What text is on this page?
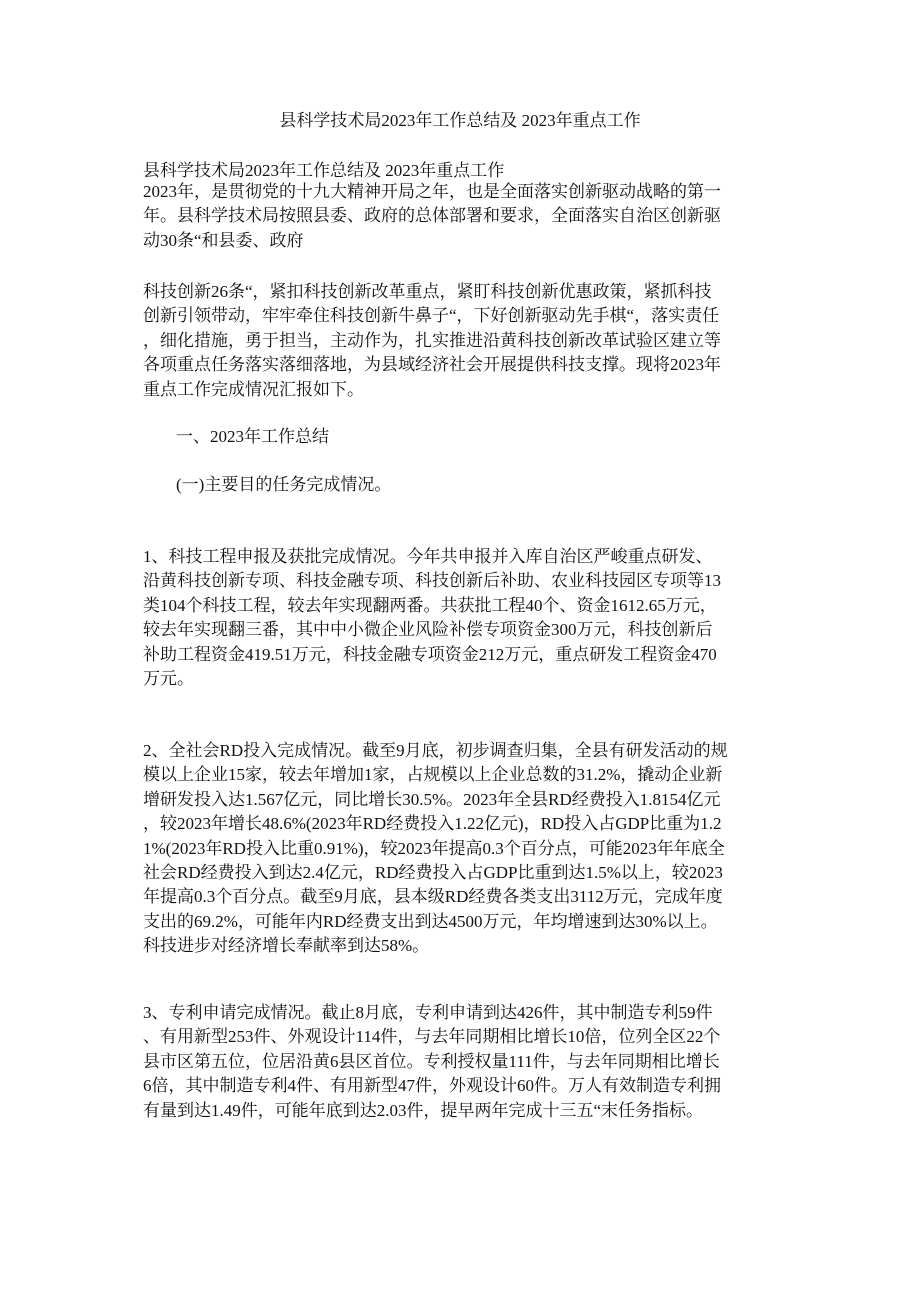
县科学技术局2023年工作总结及 2023年重点工作

县科学技术局2023年工作总结及 2023年重点工作

2023年，是贯彻党的十九大精神开局之年，也是全面落实创新驱动战略的第一
年。县科学技术局按照县委、政府的总体部署和要求，全面落实自治区创新驱
动30条“和县委、政府

科技创新26条“，紧扣科技创新改革重点，紧盯科技创新优惠政策，紧抓科技
创新引领带动，牢牢牵住科技创新牛鼻子“，下好创新驱动先手棋“，落实责任
，细化措施，勇于担当，主动作为，扎实推进沿黄科技创新改革试验区建立等
各项重点任务落实落细落地，为县域经济社会开展提供科技支撑。现将2023年
重点工作完成情况汇报如下。

一、2023年工作总结

(一)主要目的任务完成情况。

1、科技工程申报及获批完成情况。今年共申报并入库自治区严峻重点研发、
沿黄科技创新专项、科技金融专项、科技创新后补助、农业科技园区专项等13
类104个科技工程，较去年实现翻两番。共获批工程40个、资金1612.65万元，
较去年实现翻三番，其中中小微企业风险补偿专项资金300万元，科技创新后
补助工程资金419.51万元，科技金融专项资金212万元，重点研发工程资金470
万元。

2、全社会RD投入完成情况。截至9月底，初步调查归集，全县有研发活动的规
模以上企业15家，较去年增加1家，占规模以上企业总数的31.2%，撬动企业新
增研发投入达1.567亿元，同比增长30.5%。2023年全县RD经费投入1.8154亿元
，较2023年增长48.6%(2023年RD经费投入1.22亿元)，RD投入占GDP比重为1.2
1%(2023年RD投入比重0.91%)，较2023年提高0.3个百分点，可能2023年年底全
社会RD经费投入到达2.4亿元，RD经费投入占GDP比重到达1.5%以上，较2023
年提高0.3个百分点。截至9月底，县本级RD经费各类支出3112万元，完成年度
支出的69.2%，可能年内RD经费支出到达4500万元，年均增速到达30%以上。
科技进步对经济增长奉献率到达58%。

3、专利申请完成情况。截止8月底，专利申请到达426件，其中制造专利59件
、有用新型253件、外观设计114件，与去年同期相比增长10倍，位列全区22个
县市区第五位，位居沿黄6县区首位。专利授权量111件，与去年同期相比增长
6倍，其中制造专利4件、有用新型47件，外观设计60件。万人有效制造专利拥
有量到达1.49件，可能年底到达2.03件，提早两年完成十三五“末任务指标。
